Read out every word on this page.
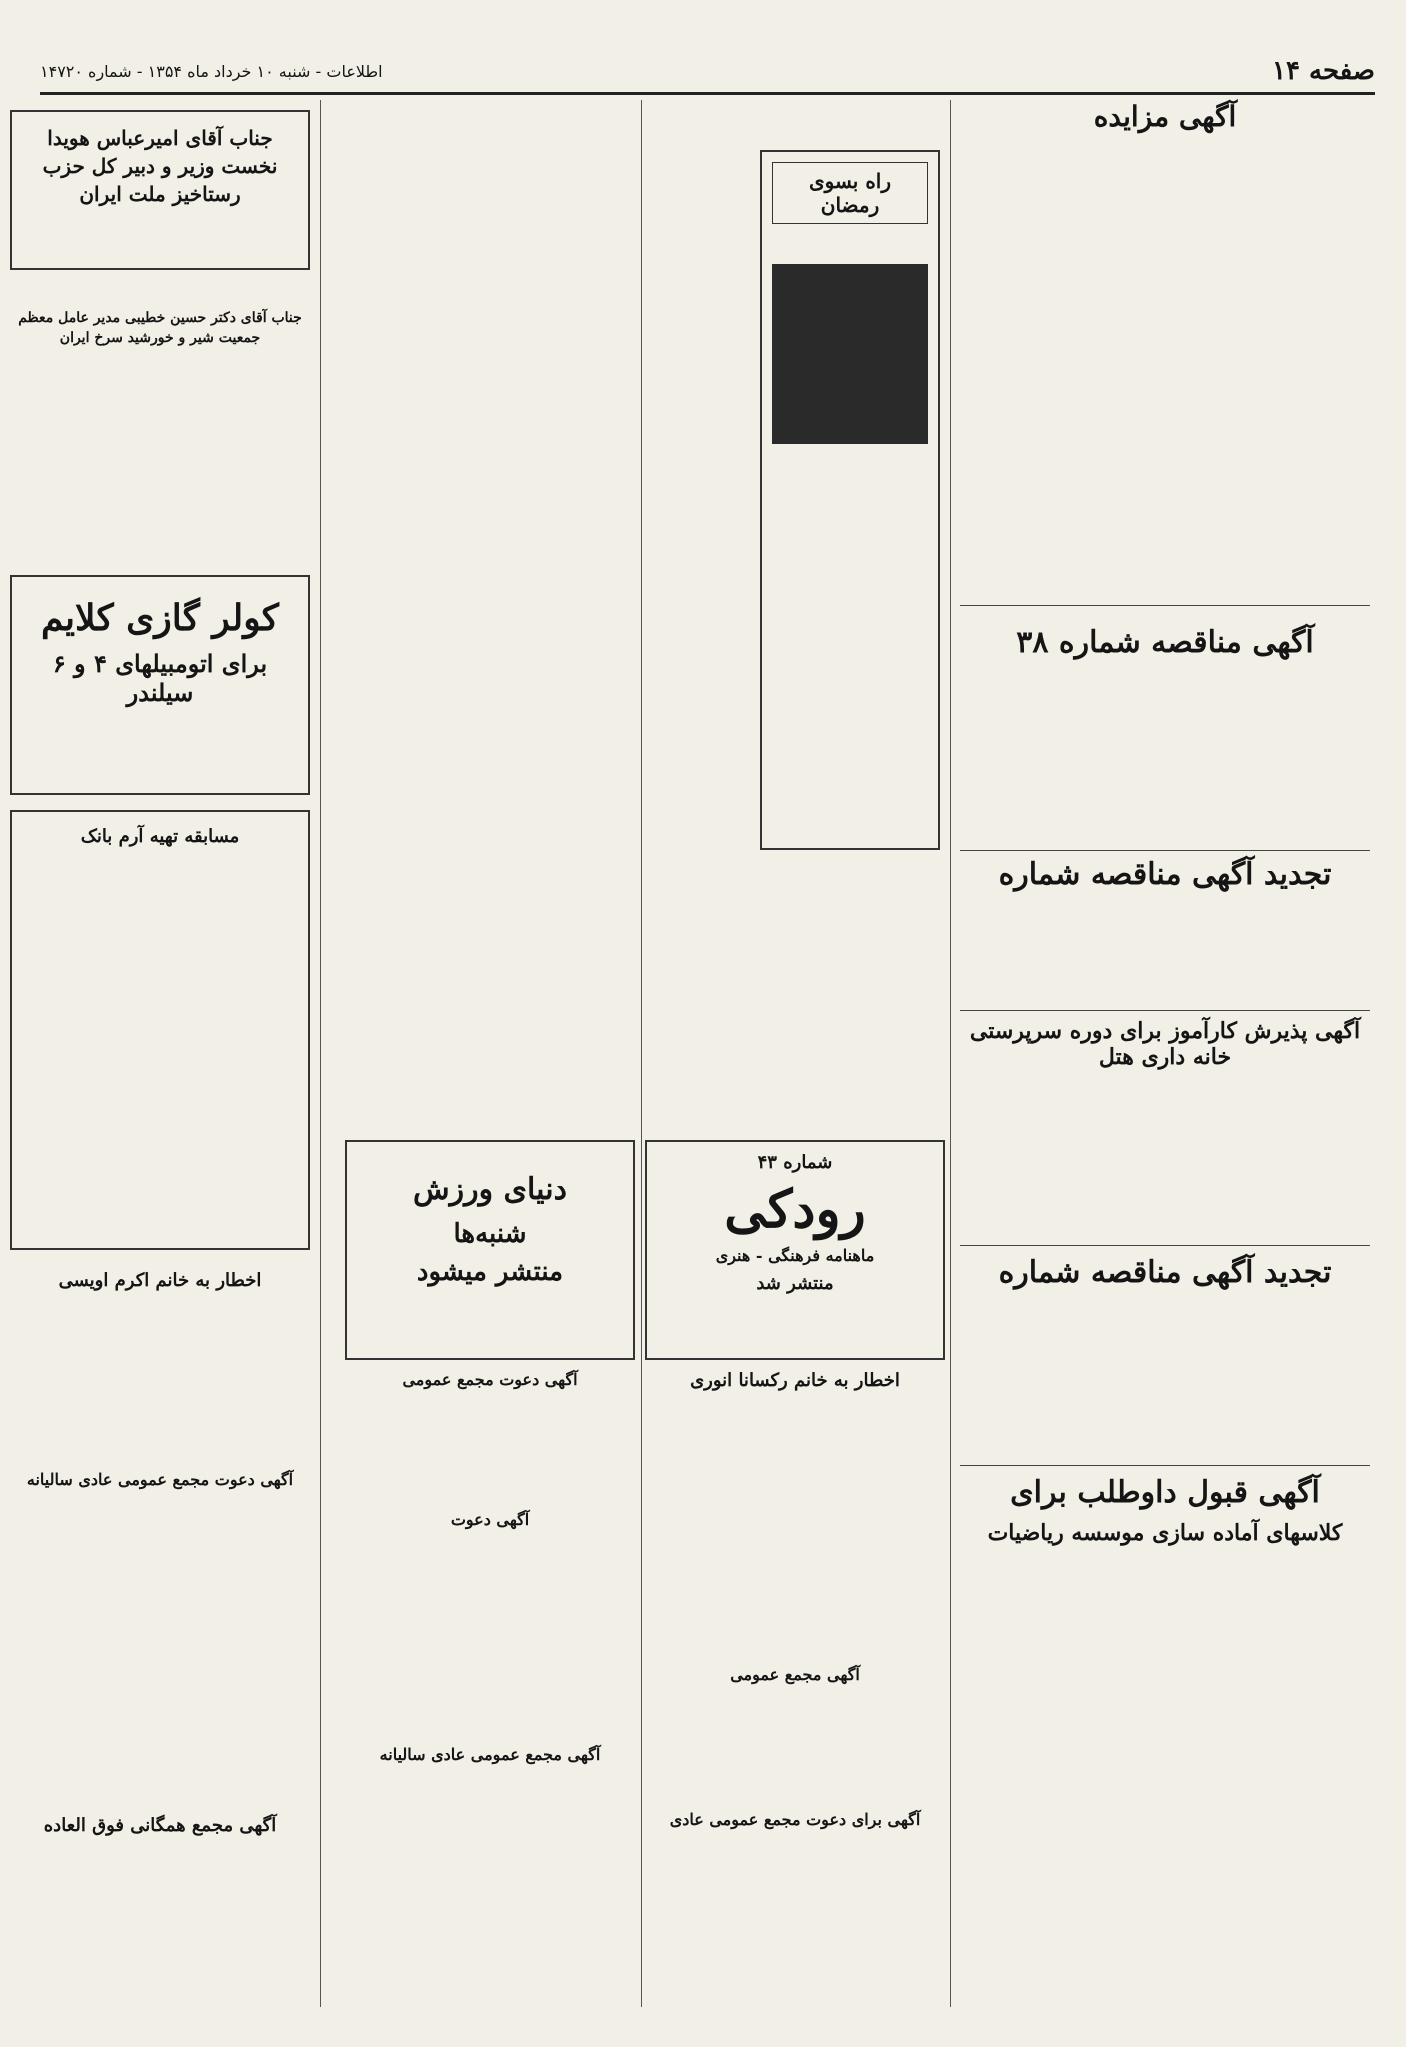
صفحه ۱۴
اطلاعات - شنبه ۱۰ خرداد ماه ۱۳۵۴ - شماره ۱۴۷۲۰
آگهی مزایده
آگهی مناقصه شماره ۳۸
تجدید آگهی مناقصه شماره
آگهی پذیرش کارآموز برای دوره سرپرستی خانه داری هتل
تجدید آگهی مناقصه شماره
آگهی قبول داوطلب برای
کلاسهای آماده سازی موسسه ریاضیات
راه بسوی رمضان
دنیای ورزش
شنبه‌ها
منتشر میشود
شماره ۴۳
رودکی
ماهنامه فرهنگی - هنری
منتشر شد
اخطار به خانم رکسانا انوری
آگهی دعوت مجمع عمومی
آگهی دعوت
آگهی مجمع عمومی
آگهی مجمع عمومی عادی سالیانه
آگهی برای دعوت مجمع عمومی عادی
جناب آقای امیرعباس هویدا
نخست وزیر و دبیر کل حزب
رستاخیز ملت ایران
جناب آقای دکتر حسین خطیبی مدیر عامل معظم
جمعیت شیر و خورشید سرخ ایران
کولر گازی کلایم
برای اتومبیلهای ۴ و ۶ سیلندر
مسابقه تهیه آرم بانک
اخطار به خانم اکرم اویسی
آگهی دعوت مجمع عمومی عادی سالیانه
آگهی مجمع همگانی فوق العاده
